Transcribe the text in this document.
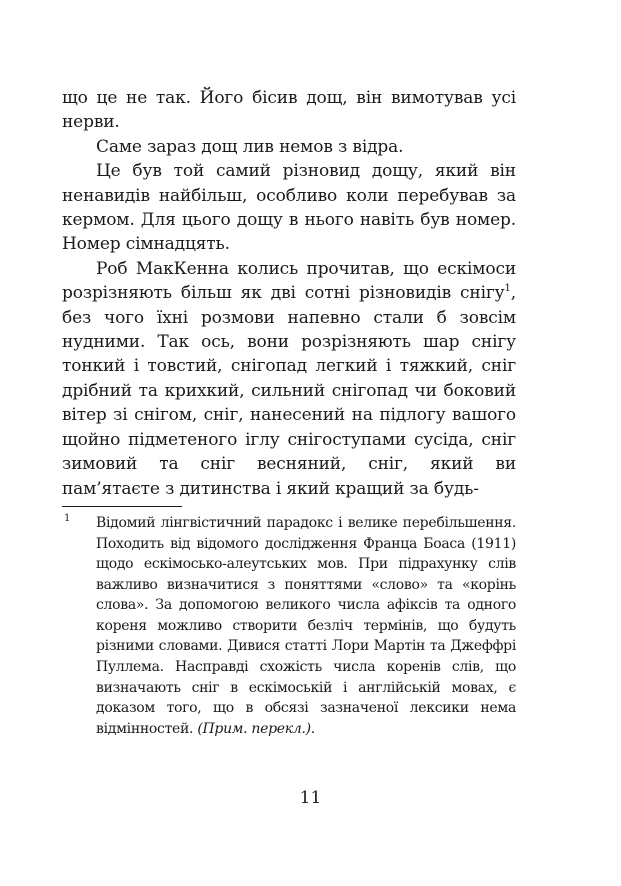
що це не так. Його бісив дощ, він вимотував усі нерви.

Саме зараз дощ лив немов з відра.

Це був той самий різновид дощу, який він ненавидів найбільш, особливо коли перебував за кермом. Для цього дощу в нього навіть був номер. Номер сімнадцять.

Роб МакКенна колись прочитав, що ескімоси розрізняють більш як дві сотні різновидів снігу$^1$, без чого їхні розмови напевно стали б зовсім нудними. Так ось, вони розрізняють шар снігу тонкий і товстий, снігопад легкий і тяжкий, сніг дрібний та крихкий, сильний снігопад чи боковий вітер зі снігом, сніг, нанесений на підлогу вашого щойно підметеного іглу снігоступами сусіда, сніг зимовий та сніг весняний, сніг, який ви пам’ятаєте з дитинства і який кращий за будь-

1 Відомий лінгвістичний парадокс і велике перебільшення. Походить від відомого дослідження Франца Боаса (1911) щодо ескімосько-алеутських мов. При підрахунку слів важливо визначитися з поняттями «слово» та «корінь слова». За допомогою великого числа афіксів та одного кореня можливо створити безліч термінів, що будуть різними словами. Дивися статті Лори Мартін та Джеффрі Пуллема. Насправді схожість числа коренів слів, що визначають сніг в ескімоській і англійській мовах, є доказом того, що в обсязі зазначеної лексики нема відмінностей. (Прим. перекл.).

11
